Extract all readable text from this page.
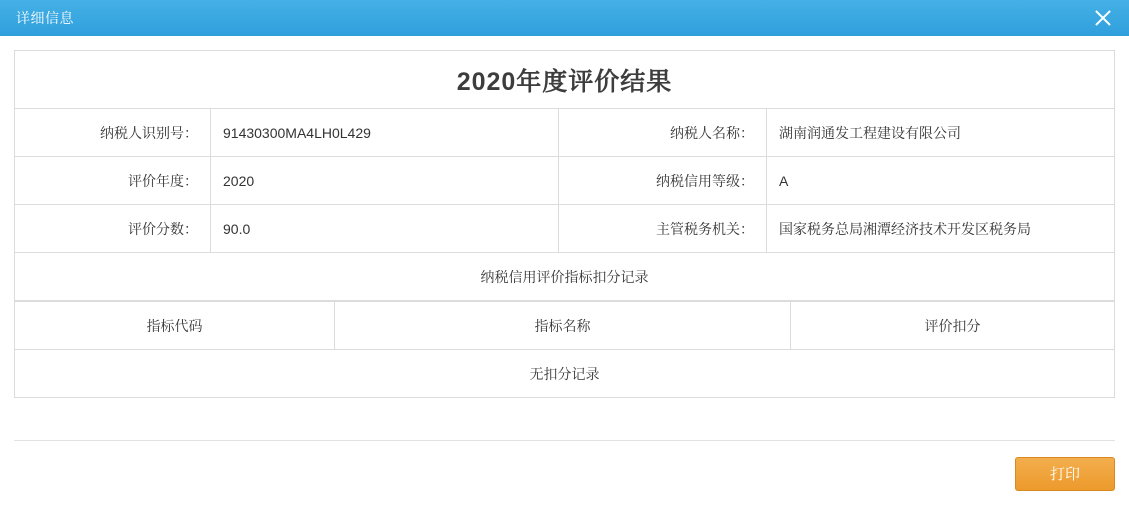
详细信息
2020年度评价结果
纳税人识别号：	91430300MA4LH0L429	纳税人名称：	湖南润通发工程建设有限公司
评价年度：	2020	纳税信用等级：	A
评价分数：	90.0	主管税务机关：	国家税务总局湘潭经济技术开发区税务局
纳税信用评价指标扣分记录			
指标代码	指标名称	评价扣分
无扣分记录
打印
